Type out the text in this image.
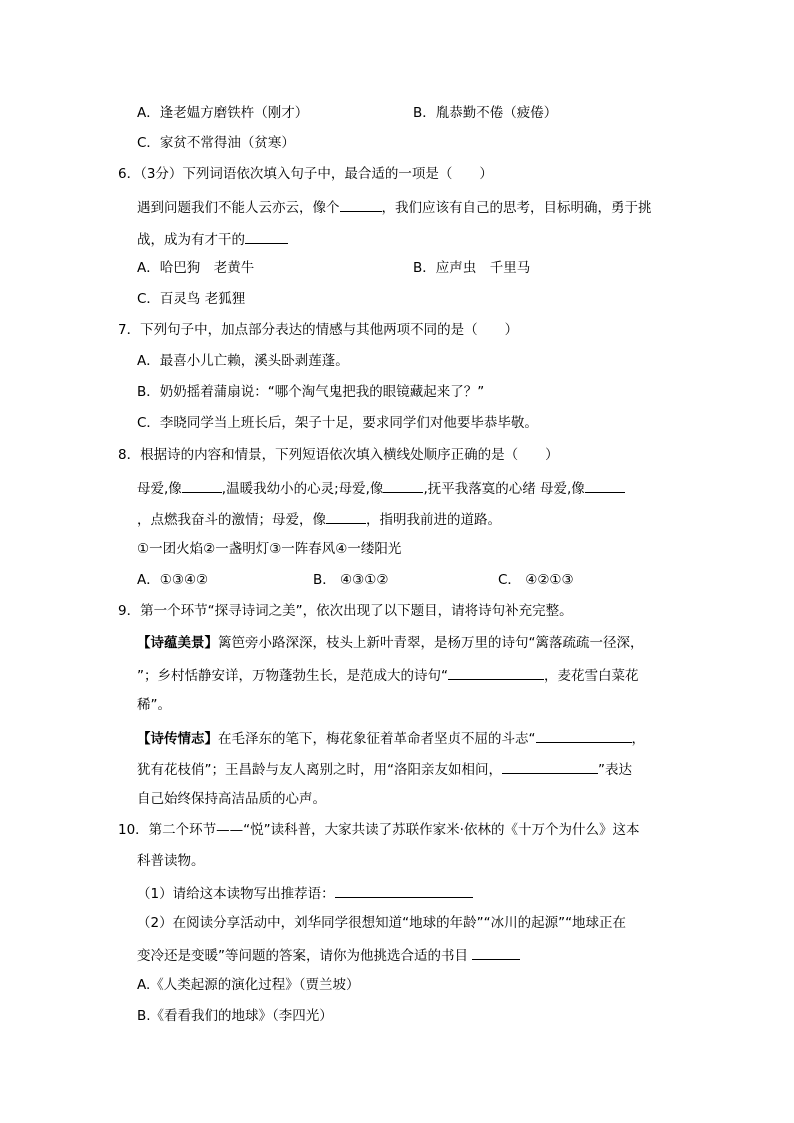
A．逢老媪方磨铁杵（刚才）	B．胤恭勤不倦（疲倦）
C．家贫不常得油（贫寒）
6．（3分）下列词语依次填入句子中，最合适的一项是（　　）
遇到问题我们不能人云亦云，像个	，我们应该有自己的思考，目标明确，勇于挑
战，成为有才干的
A．哈巴狗　老黄牛	B．应声虫　千里马
C．百灵鸟 老狐狸
7．下列句子中，加点部分表达的情感与其他两项不同的是（　　）
A．最喜小儿亡赖，溪头卧剥莲蓬。
B．奶奶摇着蒲扇说：“哪个淘气鬼把我的眼镜藏起来了？”
C．李晓同学当上班长后，架子十足，要求同学们对他要毕恭毕敬。
8．根据诗的内容和情景，下列短语依次填入横线处顺序正确的是（　　）
母爱,像	,温暖我幼小的心灵;母爱,像	,抚平我落寞的心绪 母爱,像
，点燃我奋斗的激情；母爱，像	，指明我前进的道路。
①一团火焰②一盏明灯③一阵春风④一缕阳光
A．①③④②	B． ④③①②	C． ④②①③
9．第一个环节“探寻诗词之美”，依次出现了以下题目，请将诗句补充完整。
【诗蕴美景】篱笆旁小路深深，枝头上新叶青翠，是杨万里的诗句“篱落疏疏一径深，
”；乡村恬静安详，万物蓬勃生长，是范成大的诗句“	，麦花雪白菜花
稀”。
【诗传情志】在毛泽东的笔下，梅花象征着革命者坚贞不屈的斗志“	，
犹有花枝俏”；王昌龄与友人离别之时，用“洛阳亲友如相问，	”表达
自己始终保持高洁品质的心声。
10．第二个环节——“悦”读科普，大家共读了苏联作家米·依林的《十万个为什么》这本
科普读物。
（1）请给这本读物写出推荐语：
（2）在阅读分享活动中，刘华同学很想知道“地球的年龄”“冰川的起源”“地球正在
变冷还是变暖”等问题的答案，请你为他挑选合适的书目
A.《人类起源的演化过程》（贾兰坡）
B.《看看我们的地球》（李四光）
